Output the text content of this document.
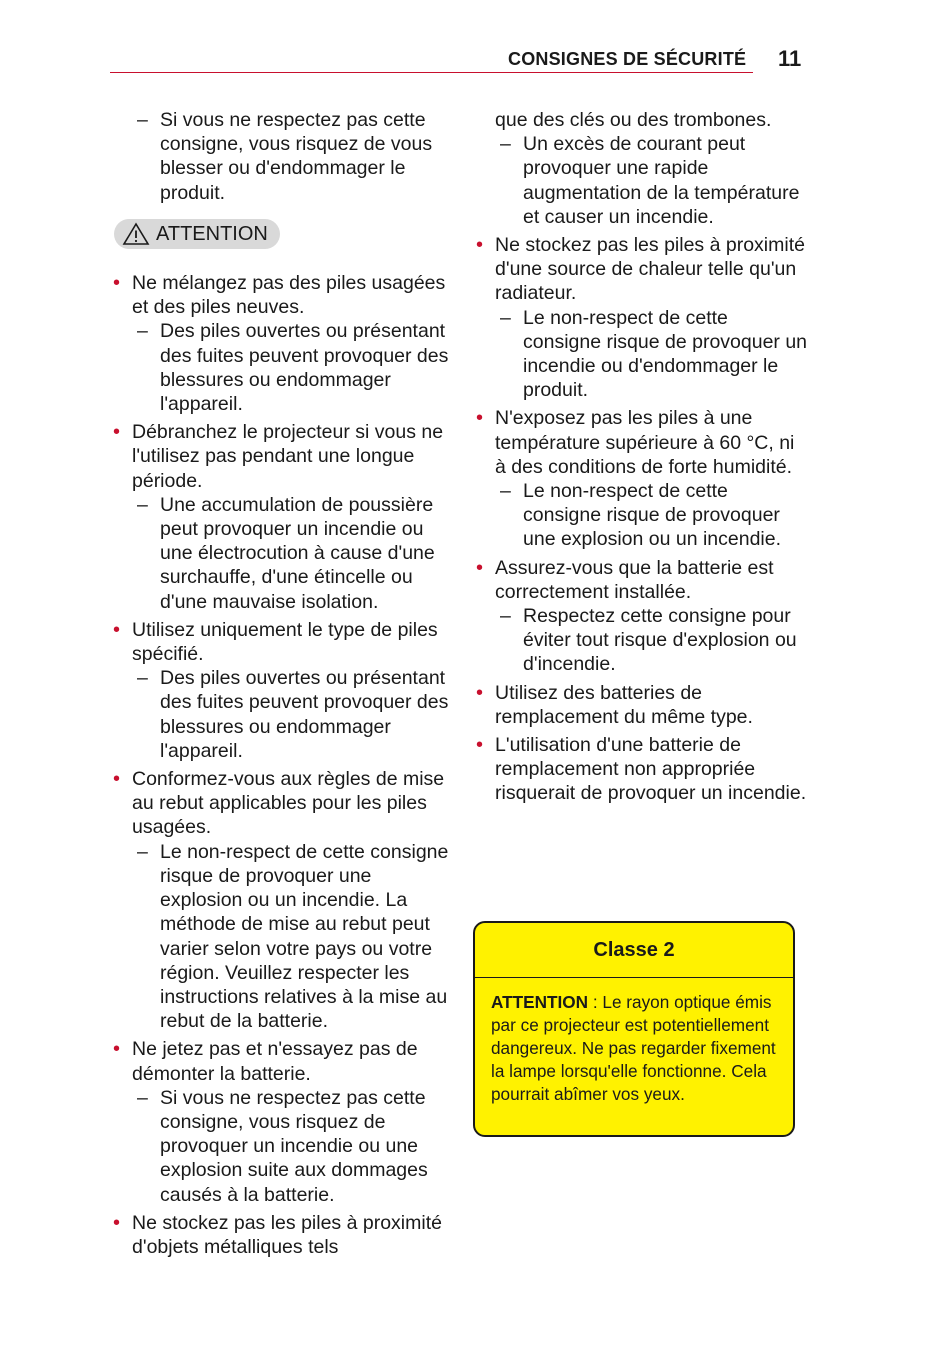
CONSIGNES DE SÉCURITÉ 11

– Si vous ne respectez pas cette consigne, vous risquez de vous blesser ou d'endommager le produit.

ATTENTION

• Ne mélangez pas des piles usagées et des piles neuves.

– Des piles ouvertes ou présentant des fuites peuvent provoquer des blessures ou endommager l'appareil.

• Débranchez le projecteur si vous ne l'utilisez pas pendant une longue période.

– Une accumulation de poussière peut provoquer un incendie ou une électrocution à cause d'une surchauffe, d'une étincelle ou d'une mauvaise isolation.

• Utilisez uniquement le type de piles spécifié.

– Des piles ouvertes ou présentant des fuites peuvent provoquer des blessures ou endommager l'appareil.

• Conformez-vous aux règles de mise au rebut applicables pour les piles usagées.

– Le non-respect de cette consigne risque de provoquer une explosion ou un incendie. La méthode de mise au rebut peut varier selon votre pays ou votre région. Veuillez respecter les instructions relatives à la mise au rebut de la batterie.

• Ne jetez pas et n'essayez pas de démonter la batterie.

– Si vous ne respectez pas cette consigne, vous risquez de provoquer un incendie ou une explosion suite aux dommages causés à la batterie.

• Ne stockez pas les piles à proximité d'objets métalliques tels

que des clés ou des trombones.

– Un excès de courant peut provoquer une rapide augmentation de la température et causer un incendie.

• Ne stockez pas les piles à proximité d'une source de chaleur telle qu'un radiateur.

– Le non-respect de cette consigne risque de provoquer un incendie ou d'endommager le produit.

• N'exposez pas les piles à une température supérieure à 60 °C, ni à des conditions de forte humidité.

– Le non-respect de cette consigne risque de provoquer une explosion ou un incendie.

• Assurez-vous que la batterie est correctement installée.

– Respectez cette consigne pour éviter tout risque d'explosion ou d'incendie.

• Utilisez des batteries de remplacement du même type.

• L'utilisation d'une batterie de remplacement non appropriée risquerait de provoquer un incendie.

Classe 2
ATTENTION : Le rayon optique émis par ce projecteur est potentiellement dangereux. Ne pas regarder fixement la lampe lorsqu'elle fonctionne. Cela pourrait abîmer vos yeux.
